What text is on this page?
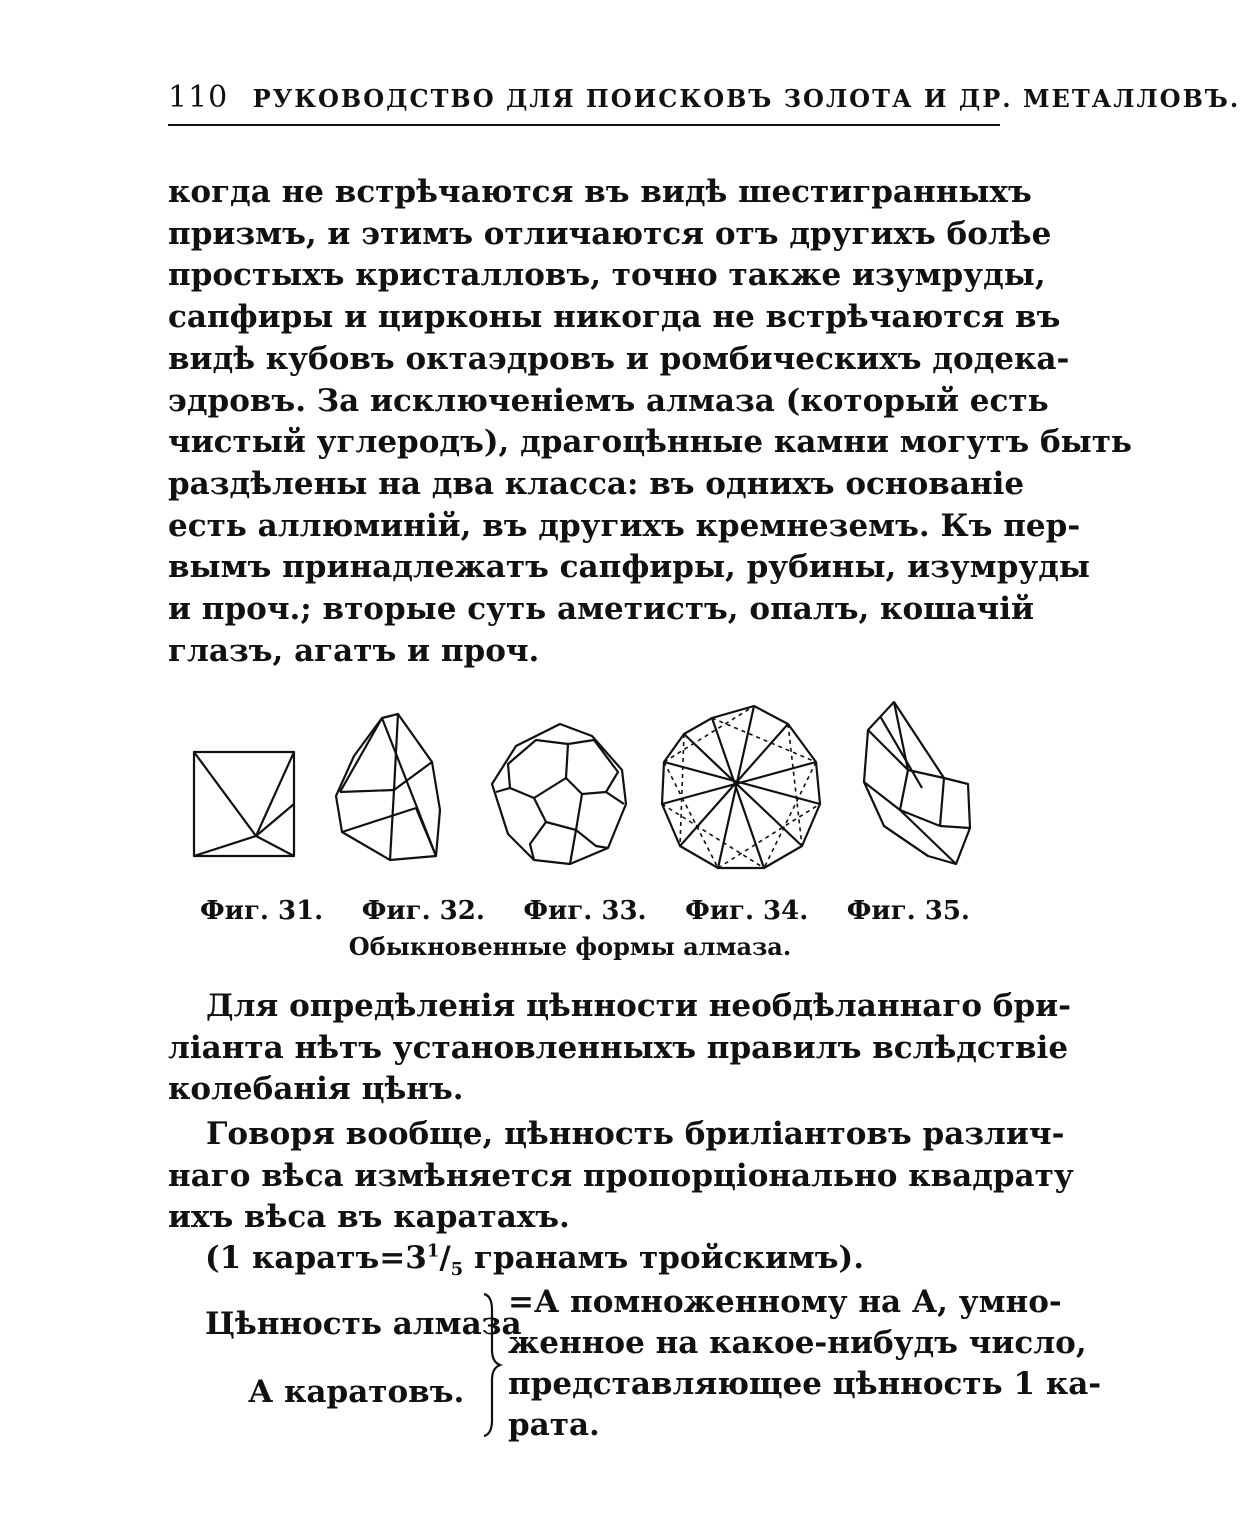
110 РУКОВОДСТВО ДЛЯ ПОИСКОВЪ ЗОЛОТА И ДР. МЕТАЛЛОВЪ.
когда не встрѣчаются въ видѣ шестигранныхъ
призмъ, и этимъ отличаются отъ другихъ болѣе
простыхъ кристалловъ, точно также изумруды,
сапфиры и цирконы никогда не встрѣчаются въ
видѣ кубовъ октаэдровъ и ромбическихъ додека-
эдровъ. За исключеніемъ алмаза (который есть
чистый углеродъ), драгоцѣнные камни могутъ быть
раздѣлены на два класса: въ однихъ основаніе
есть аллюминій, въ другихъ кремнеземъ. Къ пер-
вымъ принадлежатъ сапфиры, рубины, изумруды
и проч.; вторые суть аметистъ, опалъ, кошачій
глазъ, агатъ и проч.
Фиг. 31. Фиг. 32. Фиг. 33. Фиг. 34. Фиг. 35.
Обыкновенные формы алмаза.
Для опредѣленія цѣнности необдѣланнаго бри-
ліанта нѣтъ установленныхъ правилъ вслѣдствіе
колебанія цѣнъ.
Говоря вообще, цѣнность бриліантовъ различ-
наго вѣса измѣняется пропорціонально квадрату
ихъ вѣса въ каратахъ.
(1 $каратъ=3^1/_5$ гранамъ тройскимъ).
Цѣнность алмаза
А каратовъ.
=А помноженному на А, умно-
женное на какое-нибудъ число,
представляющее цѣнность 1 ка-
рата.
